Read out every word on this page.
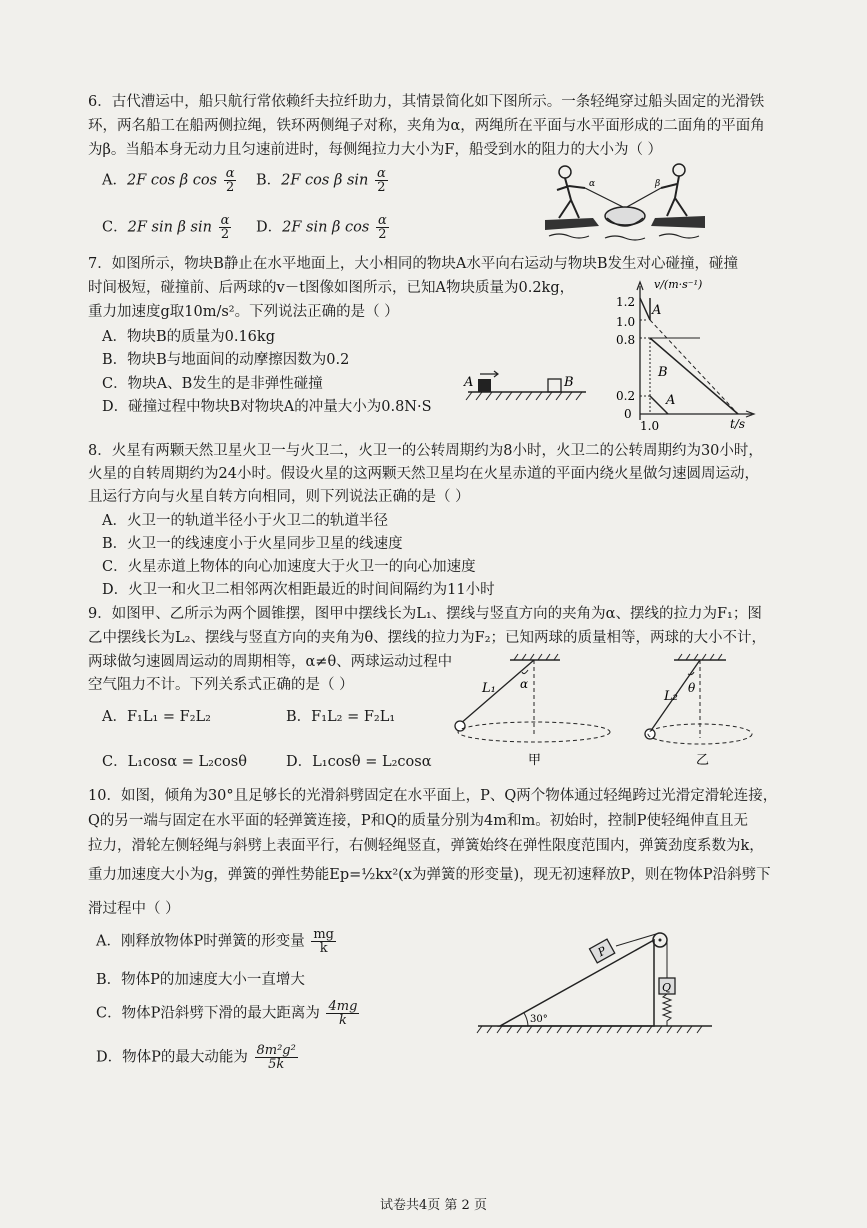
6．古代漕运中，船只航行常依赖纤夫拉纤助力，其情景简化如下图所示。一条轻绳穿过船头固定的光滑铁
环，两名船工在船两侧拉绳，铁环两侧绳子对称，夹角为α，两绳所在平面与水平面形成的二面角的平面角
为β。当船本身无动力且匀速前进时，每侧绳拉力大小为F，船受到水的阻力的大小为（ ）
A．2F cos β $\cos \frac{\alpha}{2}$ B．2F cos β $\sin \frac{\alpha}{2}$
C．2F sin β $\sin \frac{\alpha}{2}$ D．2F sin β $\cos \frac{\alpha}{2}$
α	β
7．如图所示，物块B静止在水平地面上，大小相同的物块A水平向右运动与物块B发生对心碰撞，碰撞
时间极短，碰撞前、后两球的v－t图像如图所示，已知A物块质量为0.2kg，
重力加速度g取10m/s²。下列说法正确的是（ ）
A．物块B的质量为0.16kg
B．物块B与地面间的动摩擦因数为0.2
C．物块A、B发生的是非弹性碰撞
D．碰撞过程中物块B对物块A的冲量大小为0.8N·S
A	B
1.2
1.0
0.8
0.2
0
1.0	t/s
v/(m·s⁻¹)
A
B
A
8．火星有两颗天然卫星火卫一与火卫二，火卫一的公转周期约为8小时，火卫二的公转周期约为30小时，
火星的自转周期约为24小时。假设火星的这两颗天然卫星均在火星赤道的平面内绕火星做匀速圆周运动，
且运行方向与火星自转方向相同，则下列说法正确的是（ ）
A．火卫一的轨道半径小于火卫二的轨道半径
B．火卫一的线速度小于火星同步卫星的线速度
C．火星赤道上物体的向心加速度大于火卫一的向心加速度
D．火卫一和火卫二相邻两次相距最近的时间间隔约为11小时
9．如图甲、乙所示为两个圆锥摆，图甲中摆线长为L₁、摆线与竖直方向的夹角为α、摆线的拉力为F₁；图
乙中摆线长为L₂、摆线与竖直方向的夹角为θ、摆线的拉力为F₂；已知两球的质量相等，两球的大小不计，
两球做匀速圆周运动的周期相等，α≠θ、两球运动过程中
空气阻力不计。下列关系式正确的是（ ）
A．F₁L₁ = F₂L₂	B．F₁L₂ = F₂L₁
C．L₁cosα = L₂cosθ	D．L₁cosθ = L₂cosα
L₁ α
甲
L₂
θ
乙
10．如图，倾角为30°且足够长的光滑斜劈固定在水平面上，P、Q两个物体通过轻绳跨过光滑定滑轮连接，
Q的另一端与固定在水平面的轻弹簧连接，P和Q的质量分别为4m和m。初始时，控制P使轻绳伸直且无
拉力，滑轮左侧轻绳与斜劈上表面平行，右侧轻绳竖直，弹簧始终在弹性限度范围内，弹簧劲度系数为k，
重力加速度大小为g，弹簧的弹性势能Ep=½kx²(x为弹簧的形变量)，现无初速释放P，则在物体P沿斜劈下
滑过程中（ ）
A．刚释放物体P时弹簧的形变量 $\frac{mg}{k}$
B．物体P的加速度大小一直增大
C．物体P沿斜劈下滑的最大距离为 $\frac{4mg}{k}$
D．物体P的最大动能为 $\frac{\text{8m²g²}}{5k}$
30°
P
Q
试卷共4页 第 2 页
